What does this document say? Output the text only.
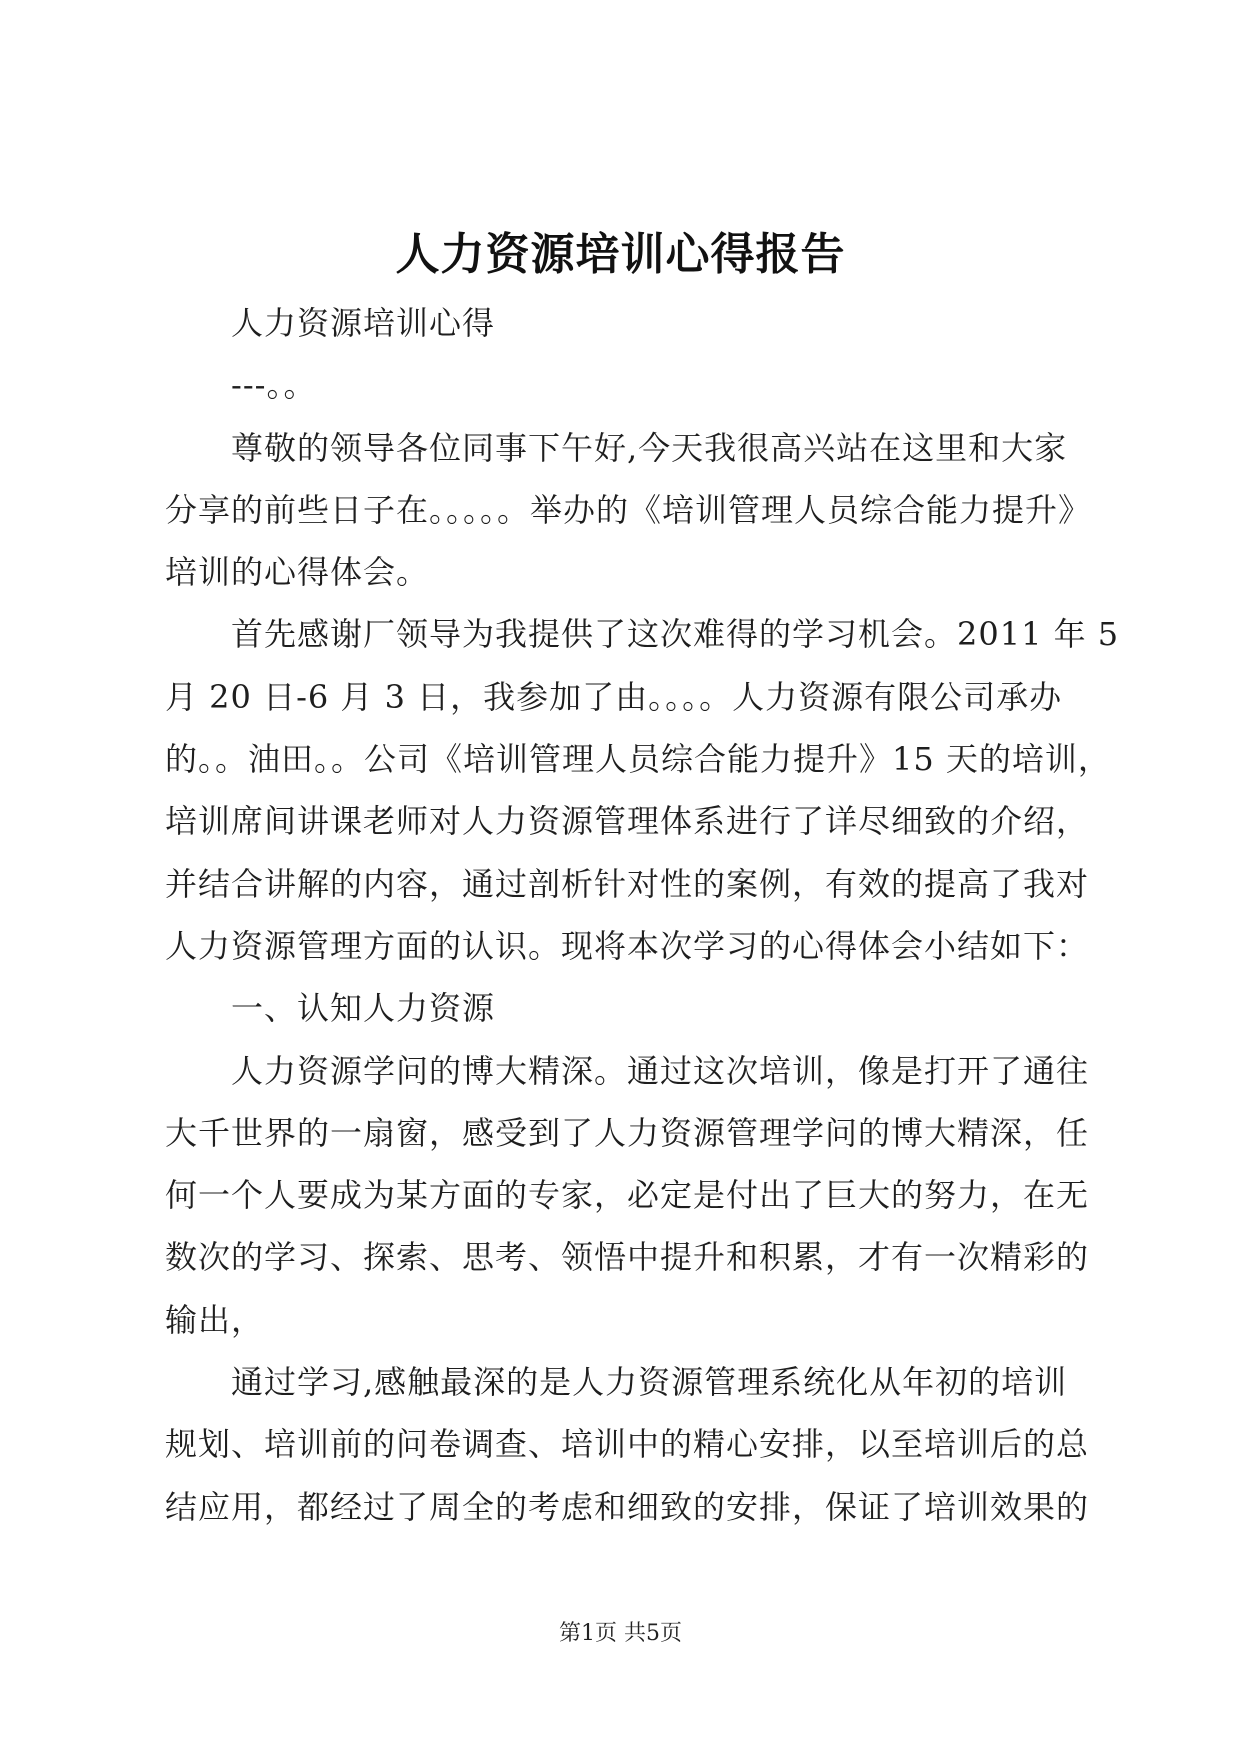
人力资源培训心得报告
人力资源培训心得
---。。
尊敬的领导各位同事下午好,今天我很高兴站在这里和大家
分享的前些日子在。。。。。举办的《培训管理人员综合能力提升》
培训的心得体会。
首先感谢厂领导为我提供了这次难得的学习机会。2011 年 5
月 20 日-6 月 3 日，我参加了由。。。。人力资源有限公司承办
的。。油田。。公司《培训管理人员综合能力提升》15 天的培训，
培训席间讲课老师对人力资源管理体系进行了详尽细致的介绍，
并结合讲解的内容，通过剖析针对性的案例，有效的提高了我对
人力资源管理方面的认识。现将本次学习的心得体会小结如下：
一、认知人力资源
人力资源学问的博大精深。通过这次培训，像是打开了通往
大千世界的一扇窗，感受到了人力资源管理学问的博大精深，任
何一个人要成为某方面的专家，必定是付出了巨大的努力，在无
数次的学习、探索、思考、领悟中提升和积累，才有一次精彩的
输出，
通过学习,感触最深的是人力资源管理系统化从年初的培训
规划、培训前的问卷调查、培训中的精心安排，以至培训后的总
结应用，都经过了周全的考虑和细致的安排，保证了培训效果的
第1页 共5页
